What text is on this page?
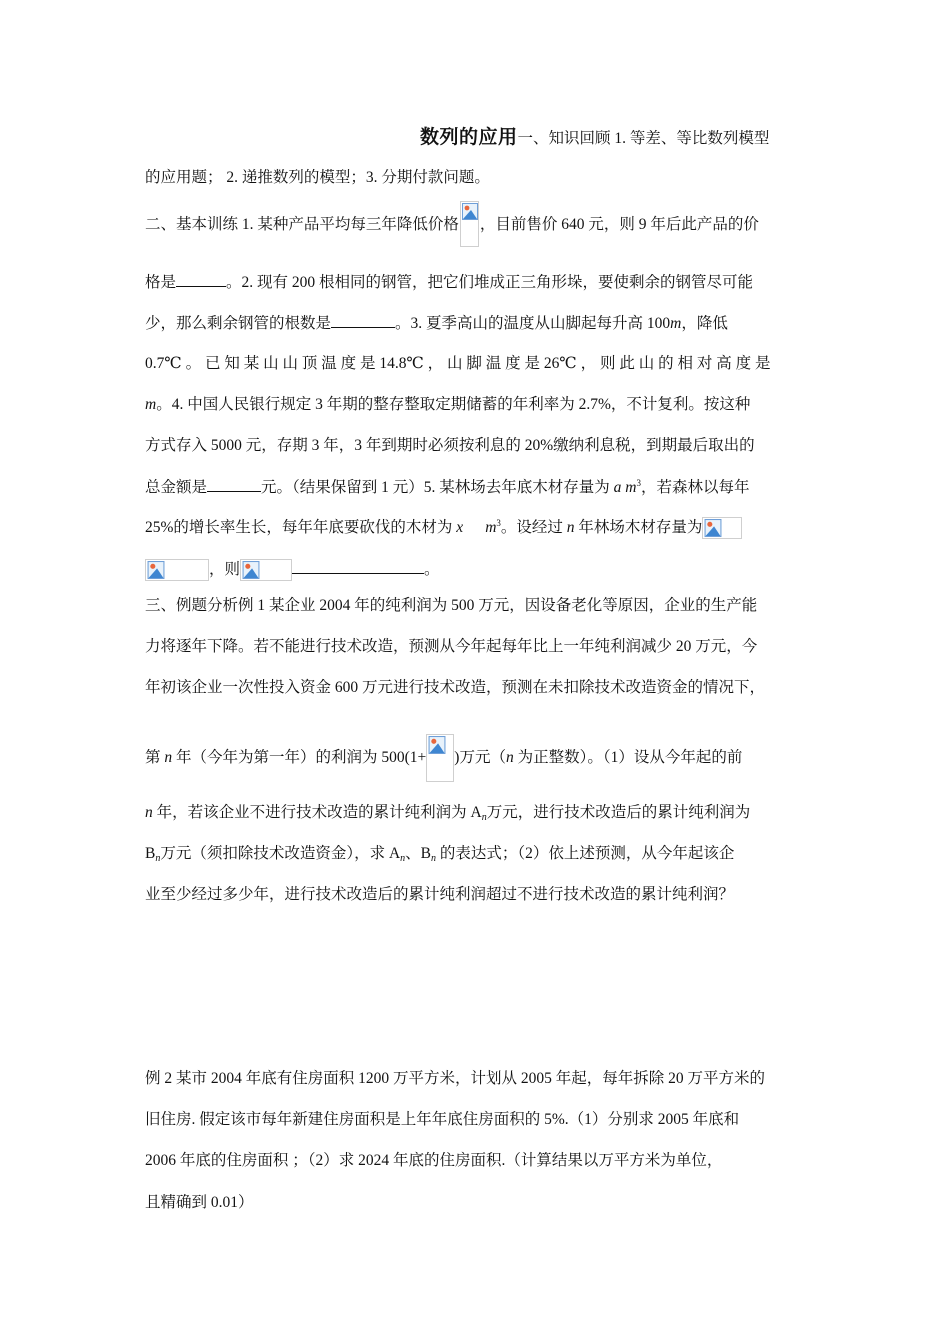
数列的应用一、知识回顾 1. 等差、等比数列模型
的应用题； 2. 递推数列的模型；3. 分期付款问题。
二、基本训练 1. 某种产品平均每三年降低价格 ，目前售价 640 元，则 9 年后此产品的价
格是	。2. 现有 200 根相同的钢管，把它们堆成正三角形垛，要使剩余的钢管尽可能
少，那么剩余钢管的根数是	。3. 夏季高山的温度从山脚起每升高 100m，降低
0.7℃ 。 已 知 某 山 山 顶 温 度 是 14.8℃ ， 山 脚 温 度 是 26℃ ， 则 此 山 的 相 对 高 度 是
m。4. 中国人民银行规定 3 年期的整存整取定期储蓄的年利率为 2.7%，不计复利。按这种
方式存入 5000 元，存期 3 年，3 年到期时必须按利息的 20%缴纳利息税，到期最后取出的
总金额是	元。（结果保留到 1 元）5. 某林场去年底木材存量为 a $m^3$，若森林以每年
25%的增长率生长，每年年底要砍伐的木材为 x $m^3$。设经过 n 年林场木材存量为
，则	。
三、例题分析例 1 某企业 2004 年的纯利润为 500 万元，因设备老化等原因，企业的生产能
力将逐年下降。若不能进行技术改造，预测从今年起每年比上一年纯利润减少 20 万元，今
年初该企业一次性投入资金 600 万元进行技术改造，预测在未扣除技术改造资金的情况下，
第 n 年（今年为第一年）的利润为 500(1+ )万元（n 为正整数）。（1）设从今年起的前
n 年，若该企业不进行技术改造的累计纯利润为 $A_n$万元，进行技术改造后的累计纯利润为
$B_n$万元（须扣除技术改造资金），求 $A_n$、$B_n$ 的表达式；（2）依上述预测，从今年起该企
业至少经过多少年，进行技术改造后的累计纯利润超过不进行技术改造的累计纯利润？
例 2 某市 2004 年底有住房面积 1200 万平方米，计划从 2005 年起，每年拆除 20 万平方米的
旧住房. 假定该市每年新建住房面积是上年年底住房面积的 5%.（1）分别求 2005 年底和
2006 年底的住房面积 ；（2）求 2024 年底的住房面积.（计算结果以万平方米为单位，
且精确到 0.01）
